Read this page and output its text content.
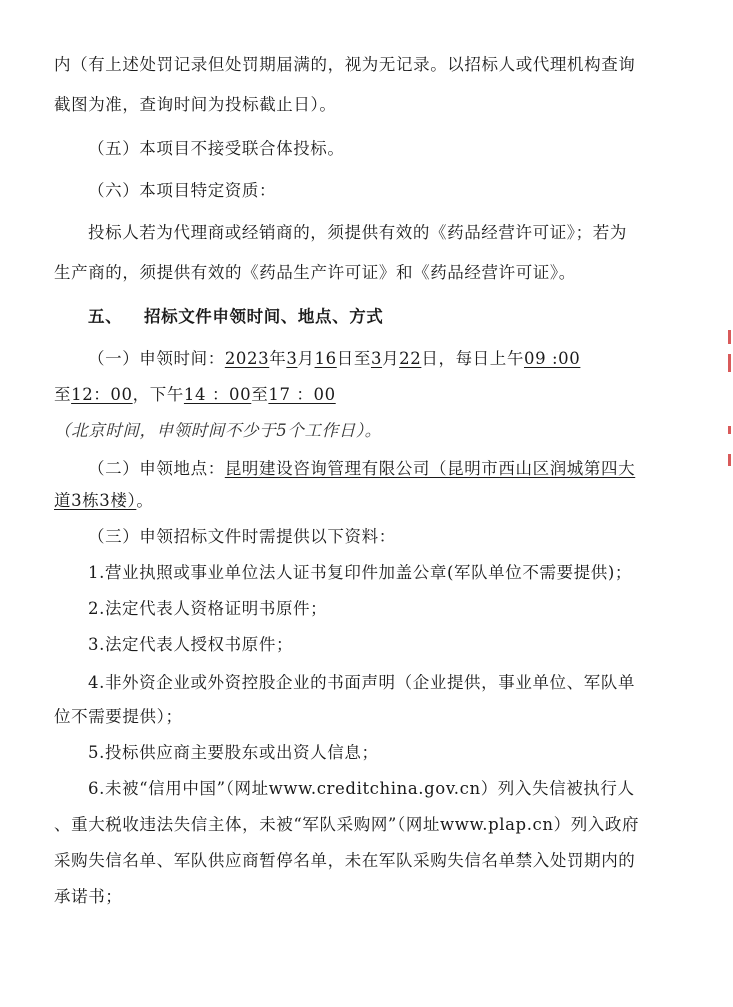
内（有上述处罚记录但处罚期届满的，视为无记录。以招标人或代理机构查询
截图为准，查询时间为投标截止日）。
（五）本项目不接受联合体投标。
（六）本项目特定资质：
投标人若为代理商或经销商的，须提供有效的《药品经营许可证》；若为
生产商的，须提供有效的《药品生产许可证》和《药品经营许可证》。
五、 招标文件申领时间、地点、方式
（一）申领时间：2023年3月16日至3月22日，每日上午09 :00
至12：00，下午14 ：00至17 ：00
（北京时间，申领时间不少于5个工作日）。
（二）申领地点：昆明建设咨询管理有限公司（昆明市西山区润城第四大
道3栋3楼）。
（三）申领招标文件时需提供以下资料：
1.营业执照或事业单位法人证书复印件加盖公章(军队单位不需要提供)；
2.法定代表人资格证明书原件；
3.法定代表人授权书原件；
4.非外资企业或外资控股企业的书面声明（企业提供，事业单位、军队单
位不需要提供）；
5.投标供应商主要股东或出资人信息；
6.未被“信用中国”（网址www.creditchina.gov.cn）列入失信被执行人
、重大税收违法失信主体，未被“军队采购网”（网址www.plap.cn）列入政府
采购失信名单、军队供应商暂停名单，未在军队采购失信名单禁入处罚期内的
承诺书；
